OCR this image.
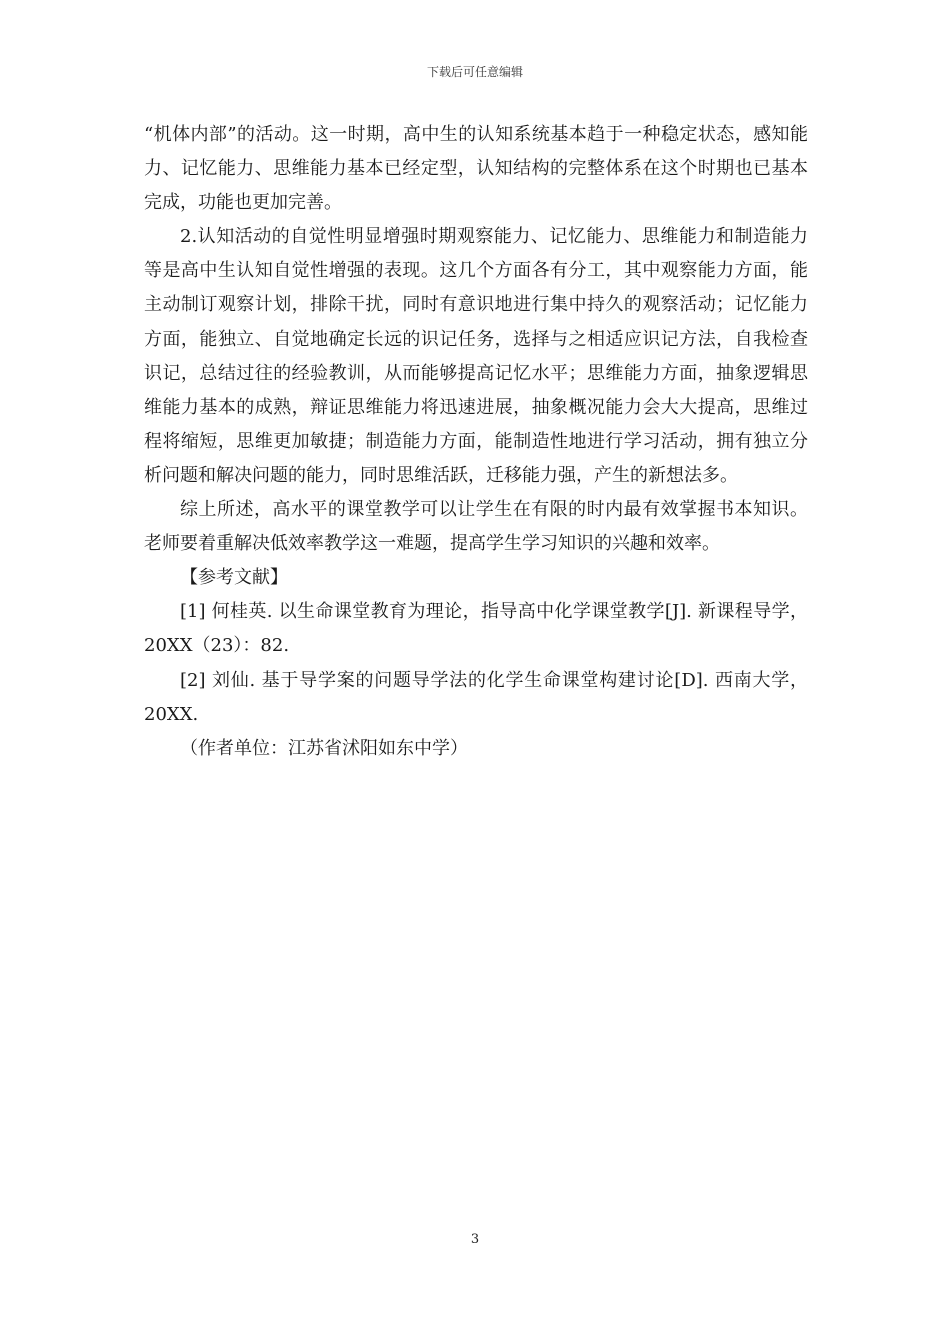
下载后可任意编辑

“机体内部”的活动。这一时期，高中生的认知系统基本趋于一种稳定状态，感知能力、记忆能力、思维能力基本已经定型，认知结构的完整体系在这个时期也已基本完成，功能也更加完善。

2.认知活动的自觉性明显增强时期观察能力、记忆能力、思维能力和制造能力等是高中生认知自觉性增强的表现。这几个方面各有分工，其中观察能力方面，能主动制订观察计划，排除干扰，同时有意识地进行集中持久的观察活动；记忆能力方面，能独立、自觉地确定长远的识记任务，选择与之相适应识记方法，自我检查识记，总结过往的经验教训，从而能够提高记忆水平；思维能力方面，抽象逻辑思维能力基本的成熟，辩证思维能力将迅速进展，抽象概况能力会大大提高，思维过程将缩短，思维更加敏捷；制造能力方面，能制造性地进行学习活动，拥有独立分析问题和解决问题的能力，同时思维活跃，迁移能力强，产生的新想法多。

综上所述，高水平的课堂教学可以让学生在有限的时内最有效掌握书本知识。老师要着重解决低效率教学这一难题，提高学生学习知识的兴趣和效率。

【参考文献】

[1] 何桂英. 以生命课堂教育为理论，指导高中化学课堂教学[J]. 新课程导学，20XX（23）：82.

[2] 刘仙. 基于导学案的问题导学法的化学生命课堂构建讨论[D]. 西南大学，20XX.

（作者单位：江苏省沭阳如东中学）

3
